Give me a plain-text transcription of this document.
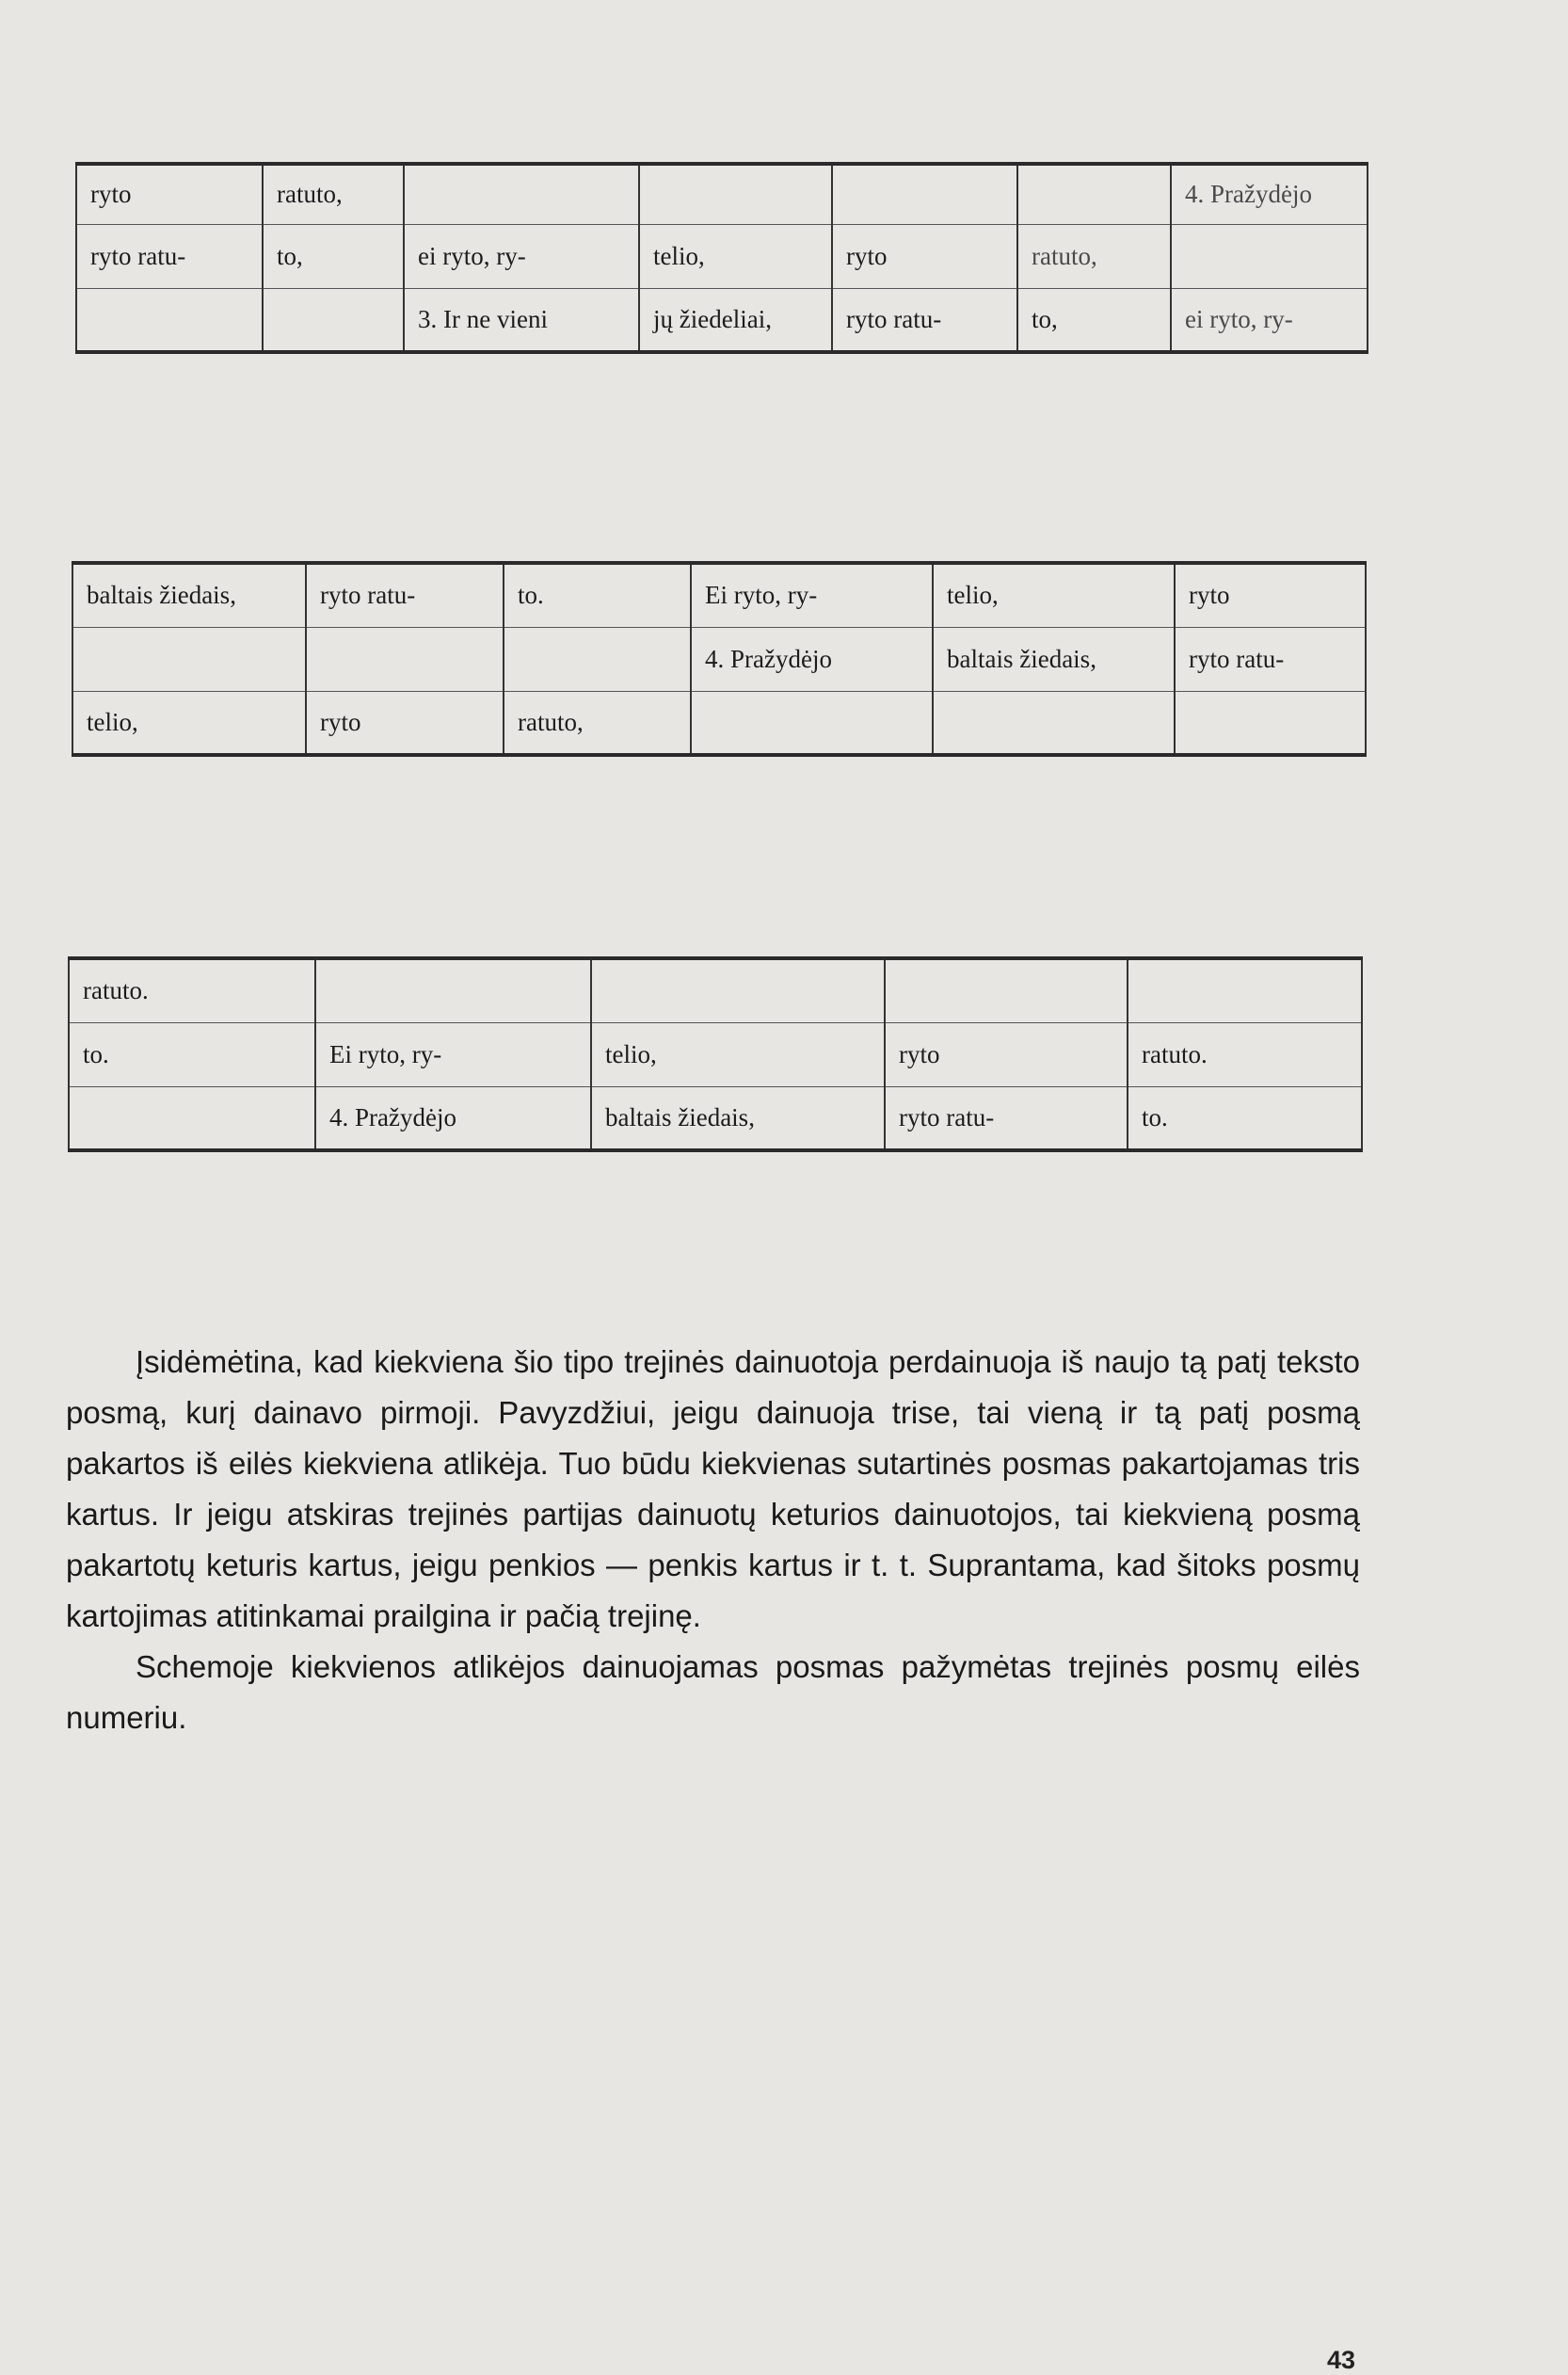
ryto	ratuto,					4. Pražydėjo
ryto ratu-	to,	ei ryto, ry-	telio,	ryto	ratuto,	
		3. Ir ne vieni	jų žiedeliai,	ryto ratu-	to,	ei ryto, ry-
baltais žiedais,	ryto ratu-	to.	Ei ryto, ry-	telio,	ryto
			4. Pražydėjo	baltais žiedais,	ryto ratu-
telio,	ryto	ratuto,			
ratuto.				
to.	Ei ryto, ry-	telio,	ryto	ratuto.
	4. Pražydėjo	baltais žiedais,	ryto ratu-	to.

Įsidėmėtina, kad kiekviena šio tipo trejinės dainuotoja perdainuoja iš naujo tą patį teksto posmą, kurį dainavo pirmoji. Pavyzdžiui, jeigu dainuoja trise, tai vieną ir tą patį posmą pakartos iš eilės kiekviena atlikėja. Tuo būdu kiekvienas sutartinės posmas pakartojamas tris kartus. Ir jeigu atskiras trejinės partijas dainuotų keturios dainuotojos, tai kiekvieną posmą pakartotų keturis kartus, jeigu penkios — penkis kartus ir t. t. Suprantama, kad šitoks posmų kartojimas atitinkamai prailgina ir pačią trejinę.

Schemoje kiekvienos atlikėjos dainuojamas posmas pažymėtas trejinės posmų eilės numeriu.

43
